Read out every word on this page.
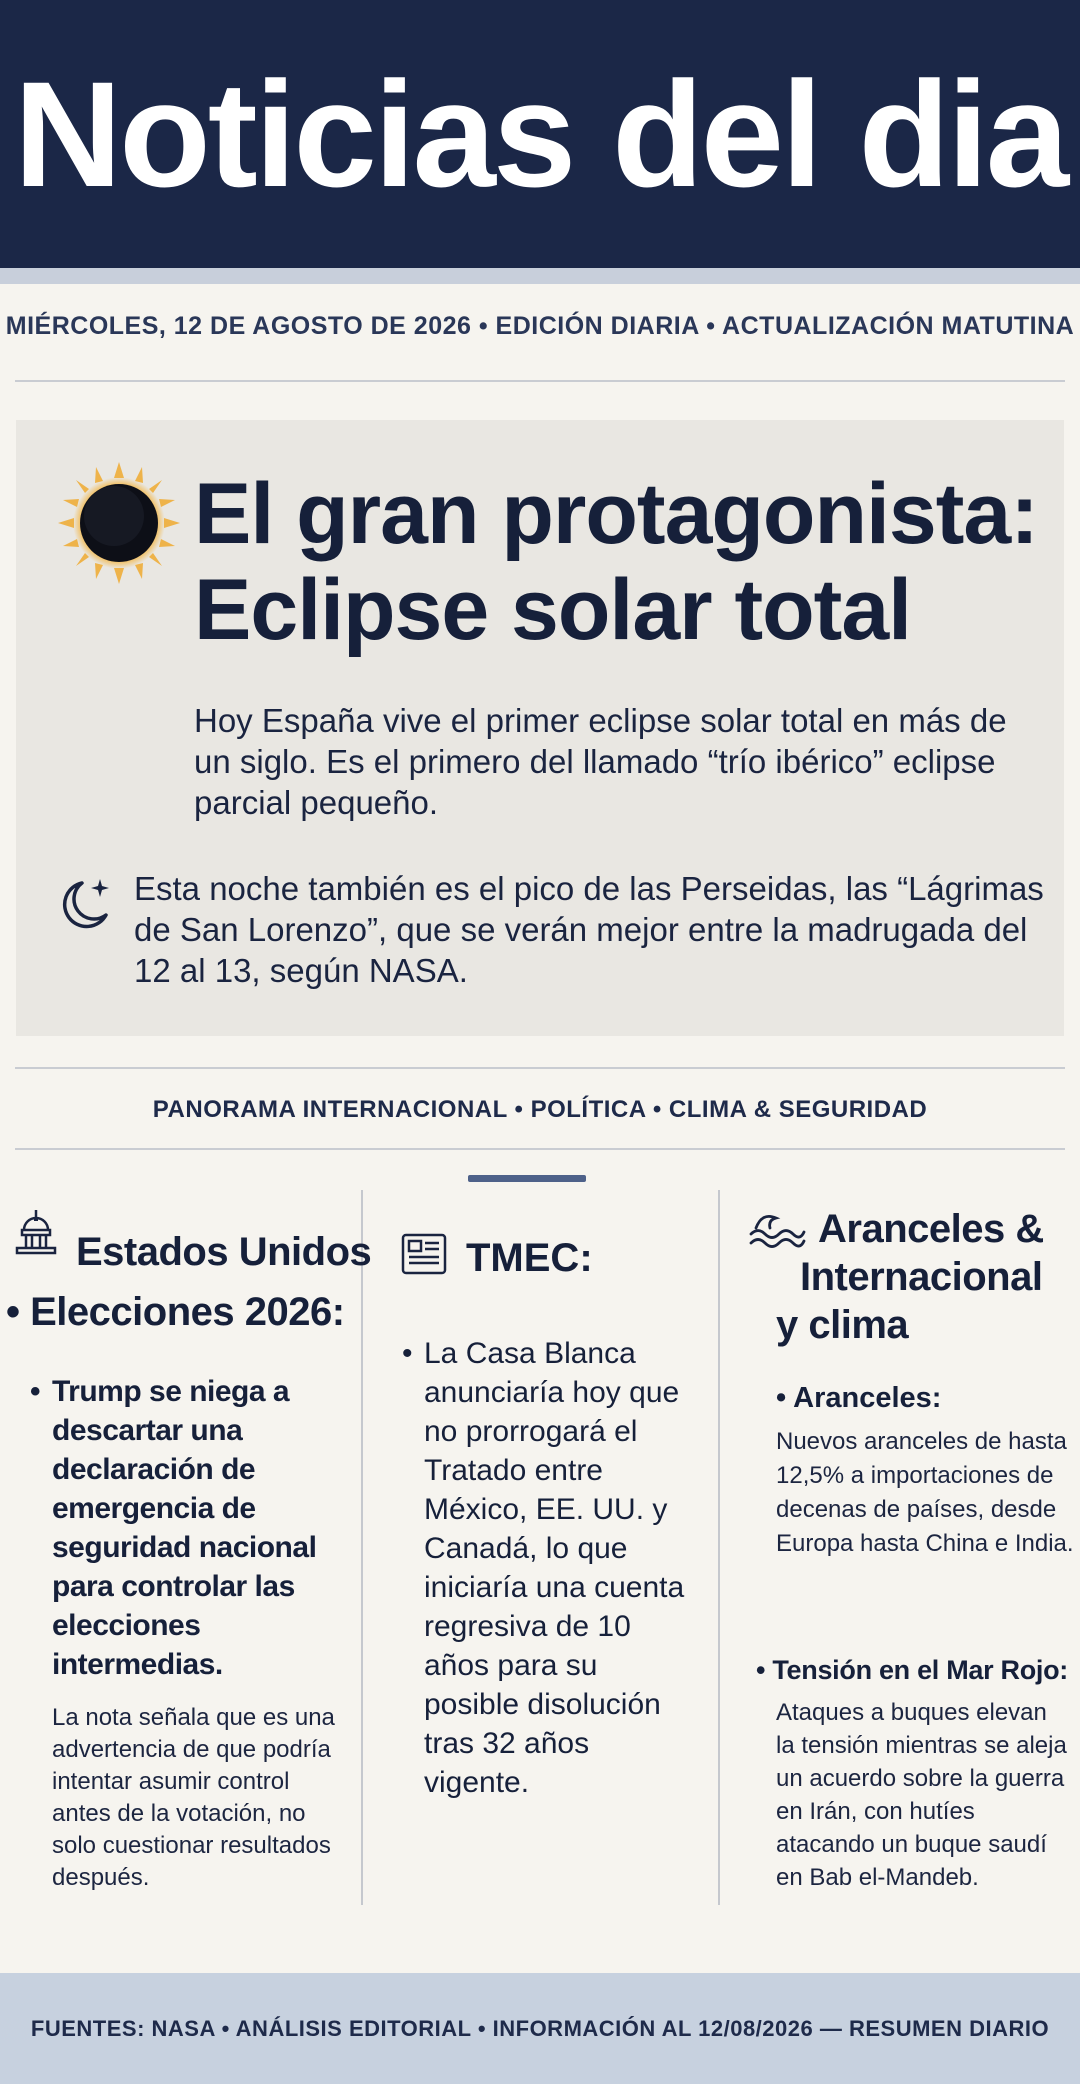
Noticias del dia
MIÉRCOLES, 12 DE AGOSTO DE 2026 • EDICIÓN DIARIA • ACTUALIZACIÓN MATUTINA
El gran protagonista:
Eclipse solar total
Hoy España vive el primer eclipse solar total en más de un siglo. Es el primero del llamado “trío ibérico” eclipse parcial pequeño.
Esta noche también es el pico de las Perseidas, las “Lágrimas de San Lorenzo”, que se verán mejor entre la madrugada del 12 al 13, según NASA.
PANORAMA INTERNACIONAL • POLÍTICA • CLIMA & SEGURIDAD
Estados Unidos
• Elecciones 2026:
• Trump se niega a descartar una declaración de emergencia de seguridad nacional para controlar las elecciones intermedias.
La nota señala que es una advertencia de que podría intentar asumir control antes de la votación, no solo cuestionar resultados después.
TMEC:
• La Casa Blanca anunciaría hoy que no prorrogará el Tratado entre México, EE. UU. y Canadá, lo que iniciaría una cuenta regresiva de 10 años para su posible disolución tras 32 años vigente.
Aranceles &
Internacional
y clima
• Aranceles:
Nuevos aranceles de hasta 12,5% a importaciones de decenas de países, desde Europa hasta China e India.
• Tensión en el Mar Rojo:
Ataques a buques elevan la tensión mientras se aleja un acuerdo sobre la guerra en Irán, con hutíes atacando un buque saudí en Bab el-Mandeb.
FUENTES: NASA • ANÁLISIS EDITORIAL • INFORMACIÓN AL 12/08/2026 — RESUMEN DIARIO
